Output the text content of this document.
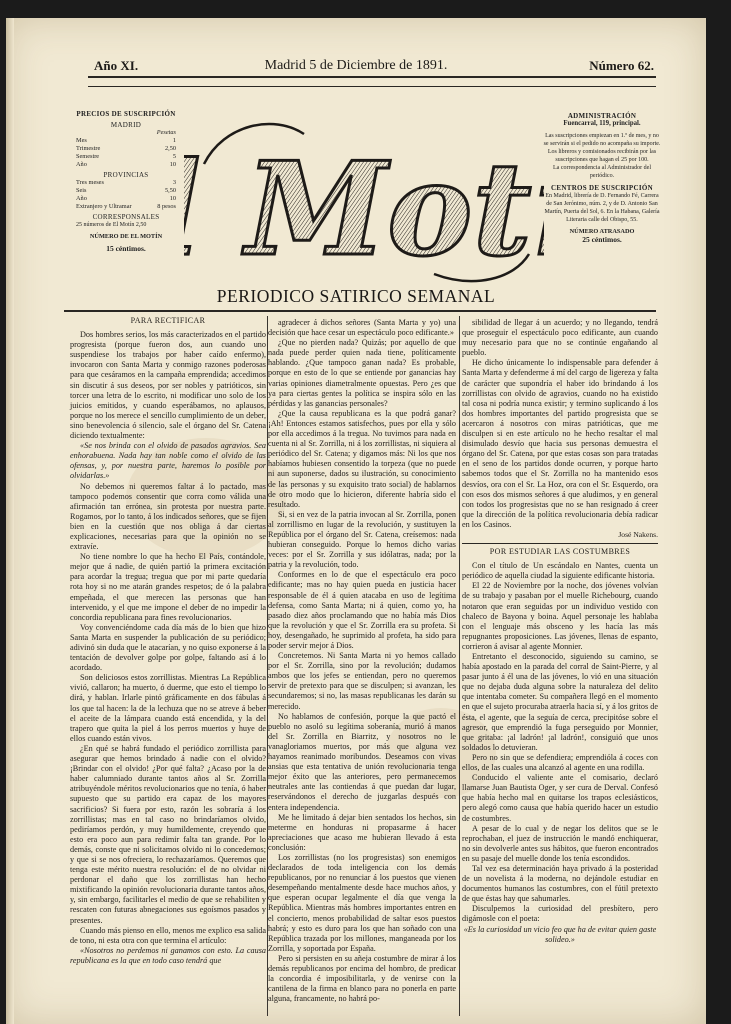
Año XI.	Madrid 5 de Diciembre de 1891.	Número 62.
PRECIOS DE SUSCRIPCIÓN
MADRID
Pesetas
Mes	1
Trimestre	2,50
Semestre	5
Año	10
PROVINCIAS
Tres meses	3
Seis	5,50
Año	10
Extranjero y Ultramar	8 pesos
CORRESPONSALES
25 números de El Motín 2,50
NÚMERO DE EL MOTÍN
15 céntimos. Mot
ADMINISTRACIÓN
Fuencarral, 119, principal.
Las suscripciones empiezan en 1.º de mes, y no se servirán si el pedido no acompaña su importe.
Los libreros y comisionados recibirán por las suscripciones que hagan el 25 por 100.
La correspondencia al Administrador del periódico.
CENTROS DE SUSCRIPCIÓN
En Madrid, librería de D. Fernando Fé, Carrera de San Jerónimo, núm. 2, y de D. Antonio San Martín, Puerta del Sol, 6. En la Habana, Galería Literaria calle del Obispo, 55.
NÚMERO ATRASADO
25 céntimos.
PERIODICO SATIRICO SEMANAL
PARA RECTIFICAR

Dos hombres serios, los más caracterizados en el partido progresista (porque fueron dos, aun cuando uno suspendiese los trabajos por haber caído enfermo), invocaron con Santa Marta y conmigo razones poderosas para que cesáramos en la campaña emprendida; accedimos sin discutir á sus deseos, por ser nobles y patrióticos, sin torcer una letra de lo escrito, ni modificar uno solo de los juicios emitidos, y cuando esperábamos, no aplausos, porque no los merece el sencillo cumplimiento de un deber, sino benevolencia ó silencio, sale el órgano del Sr. Catena diciendo textualmente:

«Se nos brinda con el olvido de pasados agravios. Sea enhorabuena. Nada hay tan noble como el olvido de las ofensas, y, por nuestra parte, haremos lo posible por olvidarlas.»

No debemos ni queremos faltar á lo pactado, mas tampoco podemos consentir que corra como válida una afirmación tan errónea, sin protesta por nuestra parte. Rogamos, por lo tanto, á los indicados señores, que se fijen bien en la cuestión que nos obliga á dar ciertas explicaciones, necesarias para que la opinión no se extravíe.

No tiene nombre lo que ha hecho El País, contándole, mejor que á nadie, de quién partió la primera excitación para acordar la tregua; tregua que por mi parte quedaría rota hoy si no me atarán grandes respetos; de ó la palabra empeñada, el que merecen las personas que han intervenido, y el que me impone el deber de no impedir la concordia republicana para fines revolucionarios.

Voy convenciéndome cada día más de lo bien que hizo Santa Marta en suspender la publicación de su periódico; adivinó sin duda que le atacarían, y no quiso exponerse á la tentación de devolver golpe por golpe, faltando así á lo acordado.

Son deliciosos estos zorrillistas. Mientras La República vivió, callaron; ha muerto, ó duerme, que esto el tiempo lo dirá, y hablan. Irlarle pintó gráficamente en dos fábulas á los que tal hacen: la de la lechuza que no se atreve á beber el aceite de la lámpara cuando está encendida, y la del trapero que quita la piel á los perros muertos y huye de ellos cuando están vivos.

¿En qué se habrá fundado el periódico zorrillista para asegurar que hemos brindado á nadie con el olvido? ¡Brindar con el olvido! ¿Por qué falta? ¿Acaso por la de haber calumniado durante tantos años al Sr. Zorrilla atribuyéndole méritos revolucionarios que no tenía, ó haber supuesto que su partido era capaz de los mayores sacrificios? Si fuera por esto, razón les sobraría á los zorrillistas; mas en tal caso no brindaríamos olvido, pediríamos perdón, y muy humildemente, creyendo que esto era poco aun para redimir falta tan grande. Por lo demás, conste que ni solicitamos olvido ni lo concedemos; y que si se nos ofreciera, lo rechazaríamos. Queremos que tenga este mérito nuestra resolución: el de no olvidar ni perdonar el daño que los zorrillistas han hecho mixtificando la opinión revolucionaria durante tantos años, y, sin embargo, facilitarles el medio de que se rehabiliten y rescaten con futuras abnegaciones sus egoísmos pasados y presentes.

Cuando más pienso en ello, menos me explico esa salida de tono, ni esta otra con que termina el artículo:

«Nosotros no perdemos ni ganamos con esto. La causa republicana es la que en todo caso tendrá que

agradecer á dichos señores (Santa Marta y yo) una decisión que hace cesar un espectáculo poco edificante.»

¿Que no pierden nada? Quizás; por aquello de que nada puede perder quien nada tiene, políticamente hablando. ¿Que tampoco ganan nada? Es probable, porque en esto de lo que se entiende por ganancias hay varias opiniones diametralmente opuestas. Pero ¿es que ya para ciertas gentes la política se inspira sólo en las pérdidas y las ganancias personales?

¿Que la causa republicana es la que podrá ganar? ¡Ah! Entonces estamos satisfechos, pues por ella y sólo por ella accedimos á la tregua. No tuvimos para nada en cuenta ni al Sr. Zorrilla, ni á los zorrillistas, ni siquiera al periódico del Sr. Catena; y digamos más: Ni los que nos habíamos hubiesen consentido la torpeza (que no puede ni aun suponerse, dados su ilustración, su conocimiento de las personas y su exquisito trato social) de hablarnos de otro modo que lo hicieron, diferente habría sido el resultado.

Si, si en vez de la patria invocan al Sr. Zorrilla, ponen al zorrillismo en lugar de la revolución, y sustituyen la República por el órgano del Sr. Catena, creísemos: nada hubieran conseguido. Porque lo hemos dicho varias veces: por el Sr. Zorrilla y sus idólatras, nada; por la patria y la revolución, todo.

Conformes en lo de que el espectáculo era poco edificante; mas no hay quien pueda en justicia hacer responsable de él á quien atacaba en uso de legítima defensa, como Santa Marta; ni á quien, como yo, ha pasado diez años proclamando que no había más Dios que la revolución y que el Sr. Zorrilla era su profeta. Si hoy, desengañado, he suprimido al profeta, ha sido para poder servir mejor á Dios.

Concretemos. Ni Santa Marta ni yo hemos callado por el Sr. Zorrilla, sino por la revolución; dudamos ambos que los jefes se entiendan, pero no queremos servir de pretexto para que se disculpen; si avanzan, les secundaremos; si no, las masas republicanas les darán su merecido.

No hablamos de confesión, porque la que pactó el pueblo no asoló su legítima soberanía, murió á manos del Sr. Zorrilla en Biarritz, y nosotros no le vanagloriamos muertos, por más que alguna vez hayamos reanimado moribundos. Deseamos con vivas ansias que esta tentativa de unión revolucionaria tenga mejor éxito que las anteriores, pero permanecemos neutrales ante las contiendas á que puedan dar lugar, reservándonos el derecho de juzgarlas después con entera independencia.

Me he limitado á dejar bien sentados los hechos, sin meterme en honduras ni propasarme á hacer apreciaciones que acaso me hubieran llevado á esta conclusión:

Los zorrillistas (no los progresistas) son enemigos declarados de toda inteligencia con los demás republicanos, por no renunciar á los puestos que vienen desempeñando mentalmente desde hace muchos años, y que esperan ocupar legalmente el día que venga la República. Mientras más hombres importantes entren en el concierto, menos probabilidad de saltar esos puestos habrá; y esto es duro para los que han soñado con una República trazada por los millones, manganeada por los Zorrilla, y soportada por España.

Pero si persisten en su añeja costumbre de mirar á los demás republicanos por encima del hombro, de predicar la concordia é imposibilitarla, y de venirse con la cantilena de la firma en blanco para no ponerla en parte alguna, francamente, no habrá po-

sibilidad de llegar á un acuerdo; y no llegando, tendrá que proseguir el espectáculo poco edificante, aun cuando muy necesario para que no se continúe engañando al pueblo.

He dicho únicamente lo indispensable para defender á Santa Marta y defenderme á mí del cargo de ligereza y falta de carácter que supondría el haber ido brindando á los zorrillistas con olvido de agravios, cuando no ha existido tal cosa ni podría nunca existir; y termino suplicando á los dos hombres importantes del partido progresista que se acercaron á nosotros con miras patrióticas, que me disculpen si en este artículo no he hecho resaltar el mal disimulado desvío que hacia sus personas demuestra el órgano del Sr. Catena, por que estas cosas son para tratadas en el seno de los partidos donde ocurren, y porque harto sabemos todos que el Sr. Zorrilla no ha mantenido esos desvíos, ora con el Sr. La Hoz, ora con el Sr. Esquerdo, ora con esos dos mismos señores á que aludimos, y en general con todos los progresistas que no se han resignado á creer que la dirección de la política revolucionaria debía radicar en los Casinos.

José Nakens.
POR ESTUDIAR LAS COSTUMBRES

Con el título de Un escándalo en Nantes, cuenta un periódico de aquella ciudad la siguiente edificante historia.

El 22 de Noviembre por la noche, dos jóvenes volvían de su trabajo y pasaban por el muelle Richebourg, cuando notaron que eran seguidas por un individuo vestido con chaleco de Bayona y boina. Aquel personaje les hablaba con el lenguaje más obsceno y les hacía las más repugnantes proposiciones. Las jóvenes, llenas de espanto, corrieron á avisar al agente Monnier.

Entretanto el desconocido, siguiendo su camino, se había apostado en la parada del corral de Saint-Pierre, y al pasar junto á él una de las jóvenes, lo vió en una situación que no dejaba duda alguna sobre la naturaleza del delito que intentaba cometer. Su compañera llegó en el momento en que el sujeto procuraba atraerla hacia sí, y á los gritos de ésta, el agente, que la seguía de cerca, precipitóse sobre el agresor, que emprendió la fuga perseguido por Monnier, que gritaba: ¡al ladrón! ¡al ladrón!, consiguió que unos soldados lo detuvieran.

Pero no sin que se defendiera; emprendióla á coces con ellos, de las cuales una alcanzó al agente en una rodilla.

Conducido el valiente ante el comisario, declaró llamarse Juan Bautista Oger, y ser cura de Derval. Confesó que había hecho mal en quitarse los trapos eclesiásticos, pero alegó como causa que había querido hacer un estudio de costumbres.

A pesar de lo cual y de negar los delitos que se le reprochaban, el juez de instrucción le mandó enchiquerar, no sin devolverle antes sus hábitos, que fueron encontrados en su pasaje del muelle donde los tenía escondidos.

Tal vez esa determinación haya privado á la posteridad de un novelista á la moderna, no dejándole estudiar en documentos humanos las costumbres, con el fútil pretexto de que éstas hay que sahumarles.

Disculpemos la curiosidad del presbítero, pero digámosle con el poeta:

«Es la curiosidad un vicio feo que ha de evitar quien gaste solideo.»
